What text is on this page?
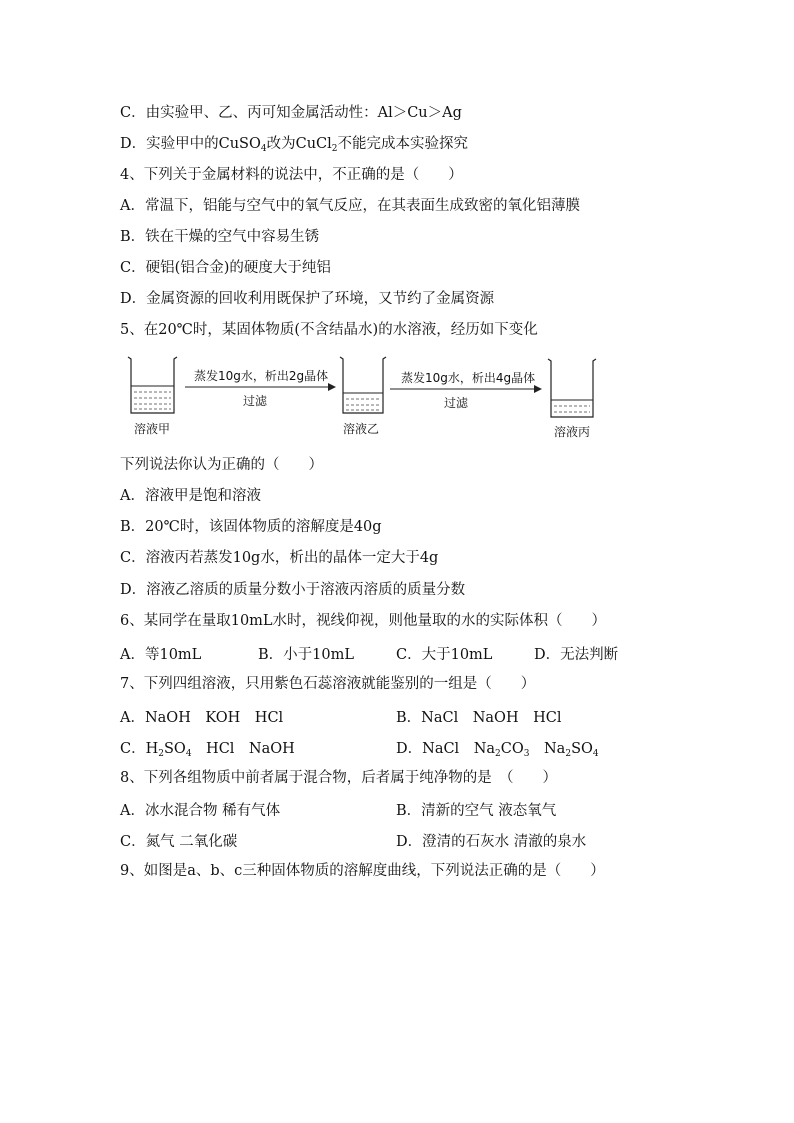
C．由实验甲、乙、丙可知金属活动性：Al＞Cu＞Ag
D．实验甲中的CuSO$_4$改为CuCl$_2$不能完成本实验探究
4、下列关于金属材料的说法中，不正确的是（　　）
A．常温下，铝能与空气中的氧气反应，在其表面生成致密的氧化铝薄膜
B．铁在干燥的空气中容易生锈
C．硬铝(铝合金)的硬度大于纯铝
D．金属资源的回收利用既保护了环境，又节约了金属资源
5、在20℃时，某固体物质(不含结晶水)的水溶液，经历如下变化
溶液甲
蒸发10g水，析出2g晶体
过滤
溶液乙
蒸发10g水，析出4g晶体
过滤
溶液丙
下列说法你认为正确的（　　）
A．溶液甲是饱和溶液
B．20℃时，该固体物质的溶解度是40g
C．溶液丙若蒸发10g水，析出的晶体一定大于4g
D．溶液乙溶质的质量分数小于溶液丙溶质的质量分数
6、某同学在量取10mL水时，视线仰视，则他量取的水的实际体积（　　）
A．等10mL	B．小于10mL	C．大于10mL	D．无法判断
7、下列四组溶液，只用紫色石蕊溶液就能鉴别的一组是（　　）
A．NaOH　KOH　HCl	B．NaCl　NaOH　HCl
C．$H_2SO_4$　HCl　NaOH	D．NaCl　$Na_2CO_3$　$Na_2SO_4$
8、下列各组物质中前者属于混合物，后者属于纯净物的是　（　　）
A．冰水混合物 稀有气体	B．清新的空气 液态氧气
C．氮气 二氧化碳	D．澄清的石灰水 清澈的泉水
9、如图是a、b、c三种固体物质的溶解度曲线，下列说法正确的是（　　）
